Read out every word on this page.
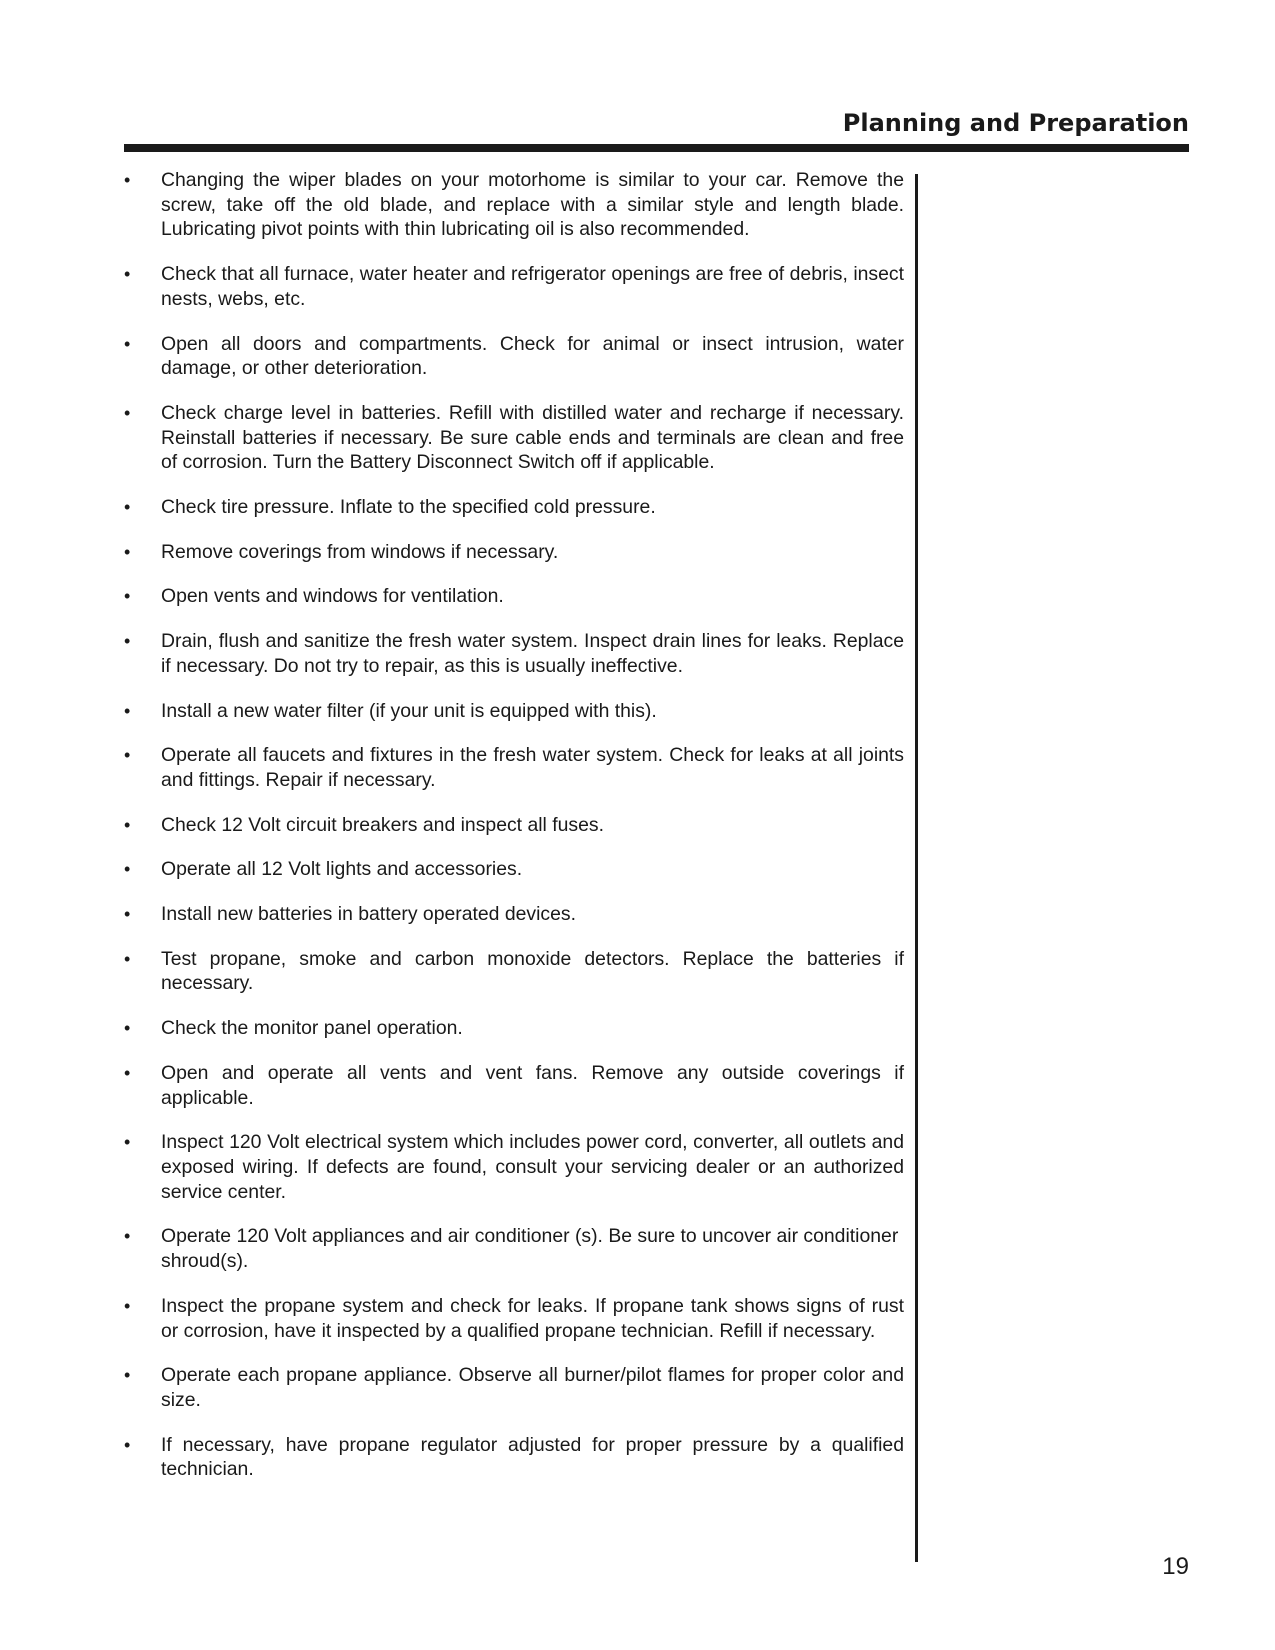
Planning and Preparation
• Changing the wiper blades on your motorhome is similar to your car. Remove the screw, take off the old blade, and replace with a similar style and length blade. Lubricating pivot points with thin lubricating oil is also recommended.
• Check that all furnace, water heater and refrigerator openings are free of debris, insect nests, webs, etc.
• Open all doors and compartments. Check for animal or insect intrusion, water damage, or other deterioration.
• Check charge level in batteries. Refill with distilled water and recharge if necessary. Reinstall batteries if necessary. Be sure cable ends and terminals are clean and free of corrosion. Turn the Battery Disconnect Switch off if applicable.
• Check tire pressure. Inflate to the specified cold pressure.
• Remove coverings from windows if necessary.
• Open vents and windows for ventilation.
• Drain, flush and sanitize the fresh water system. Inspect drain lines for leaks. Replace if necessary. Do not try to repair, as this is usually ineffective.
• Install a new water filter (if your unit is equipped with this).
• Operate all faucets and fixtures in the fresh water system. Check for leaks at all joints and fittings. Repair if necessary.
• Check 12 Volt circuit breakers and inspect all fuses.
• Operate all 12 Volt lights and accessories.
• Install new batteries in battery operated devices.
• Test propane, smoke and carbon monoxide detectors. Replace the batteries if necessary.
• Check the monitor panel operation.
• Open and operate all vents and vent fans. Remove any outside coverings if applicable.
• Inspect 120 Volt electrical system which includes power cord, converter, all outlets and exposed wiring. If defects are found, consult your servicing dealer or an authorized service center.
• Operate 120 Volt appliances and air conditioner (s). Be sure to uncover air conditioner shroud(s).
• Inspect the propane system and check for leaks. If propane tank shows signs of rust or corrosion, have it inspected by a qualified propane technician. Refill if necessary.
• Operate each propane appliance. Observe all burner/pilot flames for proper color and size.
• If necessary, have propane regulator adjusted for proper pressure by a qualified technician.
19
